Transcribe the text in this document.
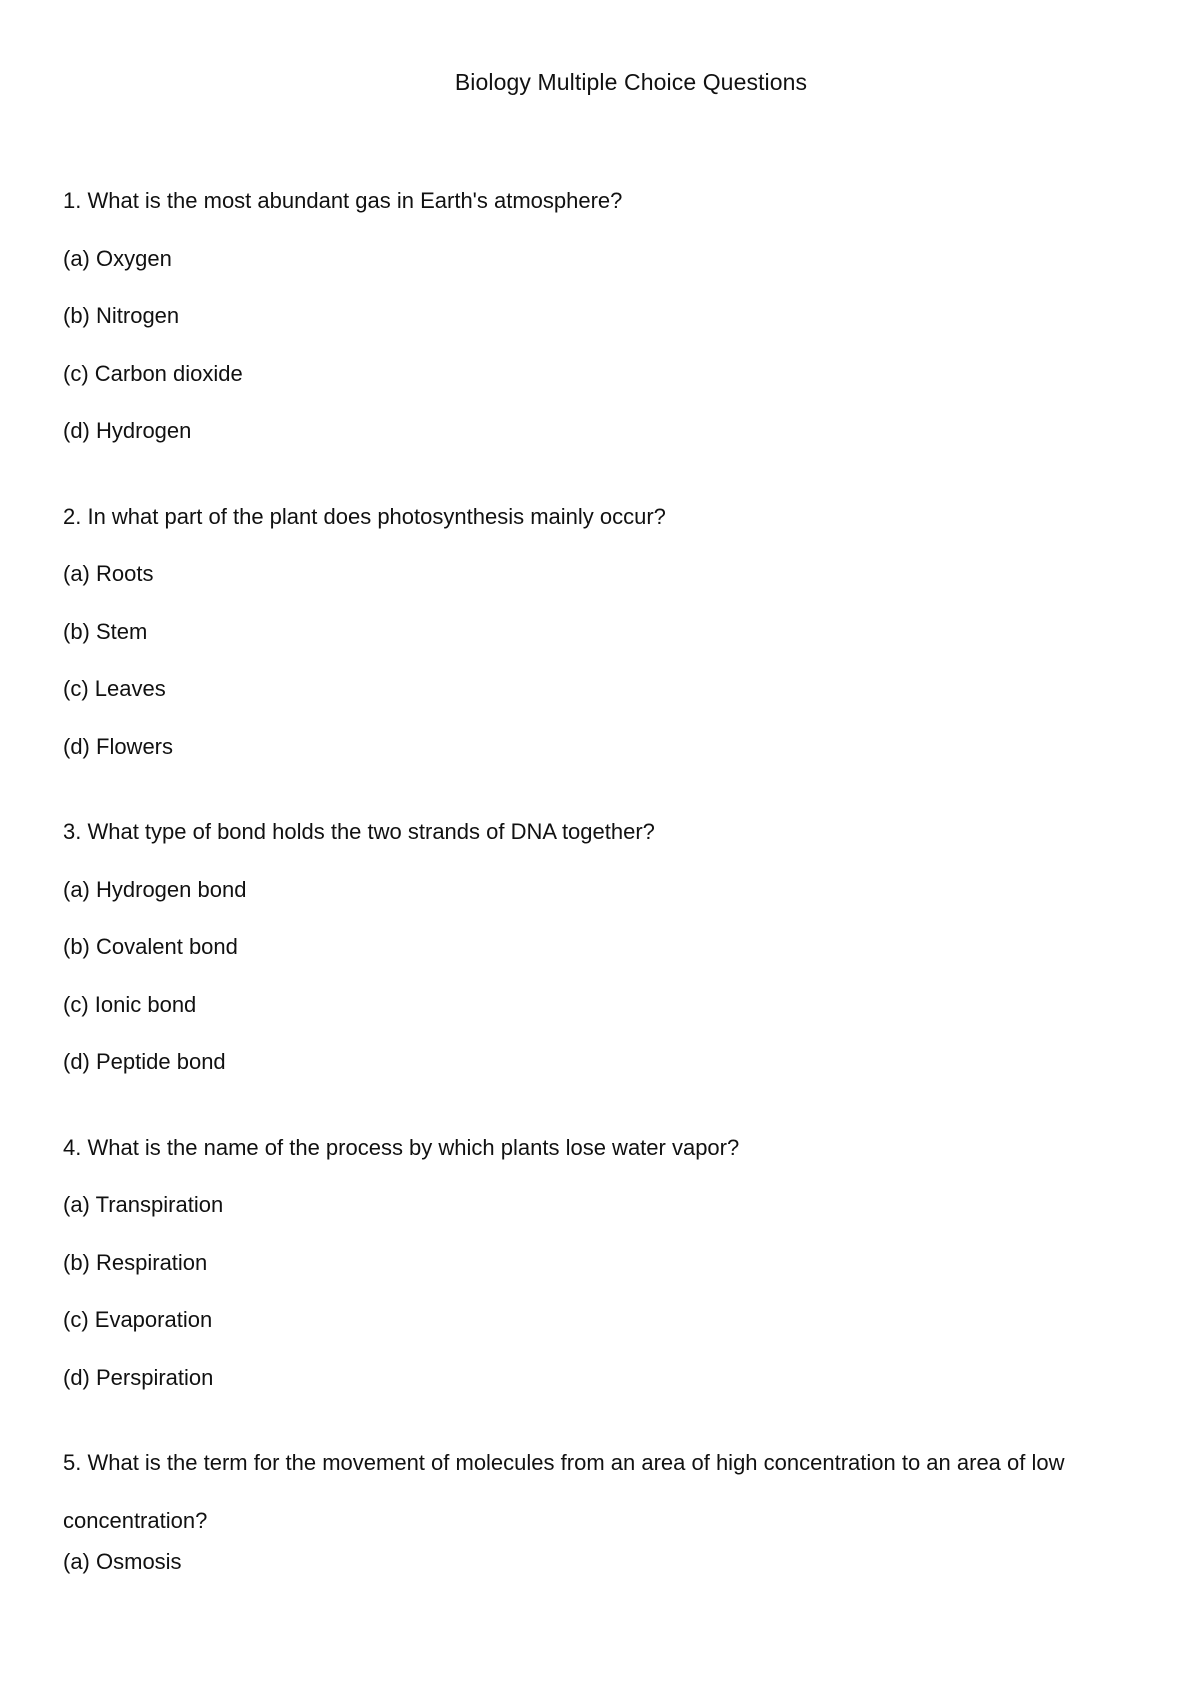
Biology Multiple Choice Questions
1. What is the most abundant gas in Earth's atmosphere?
(a) Oxygen
(b) Nitrogen
(c) Carbon dioxide
(d) Hydrogen
2. In what part of the plant does photosynthesis mainly occur?
(a) Roots
(b) Stem
(c) Leaves
(d) Flowers
3. What type of bond holds the two strands of DNA together?
(a) Hydrogen bond
(b) Covalent bond
(c) Ionic bond
(d) Peptide bond
4. What is the name of the process by which plants lose water vapor?
(a) Transpiration
(b) Respiration
(c) Evaporation
(d) Perspiration
5. What is the term for the movement of molecules from an area of high concentration to an area of low concentration?
(a) Osmosis
